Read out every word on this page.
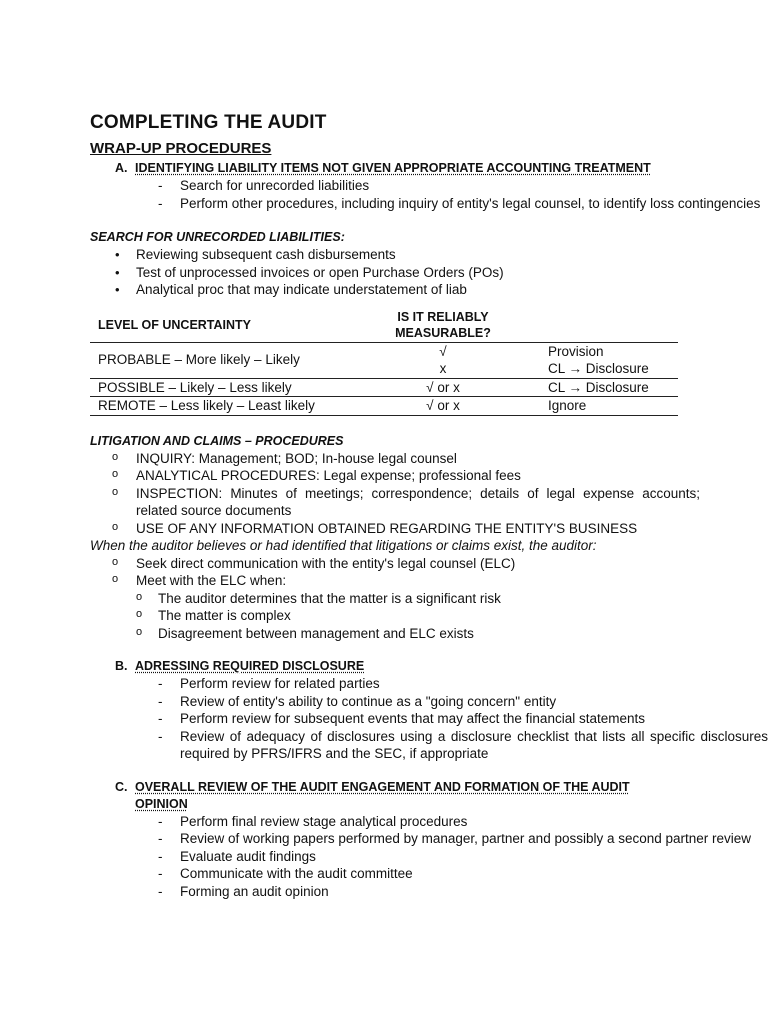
COMPLETING THE AUDIT
WRAP-UP PROCEDURES
A. IDENTIFYING LIABILITY ITEMS NOT GIVEN APPROPRIATE ACCOUNTING TREATMENT
- Search for unrecorded liabilities
- Perform other procedures, including inquiry of entity's legal counsel, to identify loss contingencies
SEARCH FOR UNRECORDED LIABILITIES:
• Reviewing subsequent cash disbursements
• Test of unprocessed invoices or open Purchase Orders (POs)
• Analytical proc that may indicate understatement of liab
LEVEL OF UNCERTAINTY	IS IT RELIABLY MEASURABLE?	
PROBABLE – More likely – Likely	√	Provision
	x	CL → Disclosure
POSSIBLE – Likely – Less likely	√ or x	CL → Disclosure
REMOTE – Less likely – Least likely	√ or x	Ignore
LITIGATION AND CLAIMS – PROCEDURES
o INQUIRY: Management; BOD; In-house legal counsel
o ANALYTICAL PROCEDURES: Legal expense; professional fees
o INSPECTION: Minutes of meetings; correspondence; details of legal expense accounts; related source documents
o USE OF ANY INFORMATION OBTAINED REGARDING THE ENTITY'S BUSINESS
When the auditor believes or had identified that litigations or claims exist, the auditor:
o Seek direct communication with the entity's legal counsel (ELC)
o Meet with the ELC when:
o The auditor determines that the matter is a significant risk
o The matter is complex
o Disagreement between management and ELC exists
B. ADRESSING REQUIRED DISCLOSURE
- Perform review for related parties
- Review of entity's ability to continue as a "going concern" entity
- Perform review for subsequent events that may affect the financial statements
- Review of adequacy of disclosures using a disclosure checklist that lists all specific disclosures required by PFRS/IFRS and the SEC, if appropriate
C. OVERALL REVIEW OF THE AUDIT ENGAGEMENT AND FORMATION OF THE AUDIT OPINION
- Perform final review stage analytical procedures
- Review of working papers performed by manager, partner and possibly a second partner review
- Evaluate audit findings
- Communicate with the audit committee
- Forming an audit opinion
